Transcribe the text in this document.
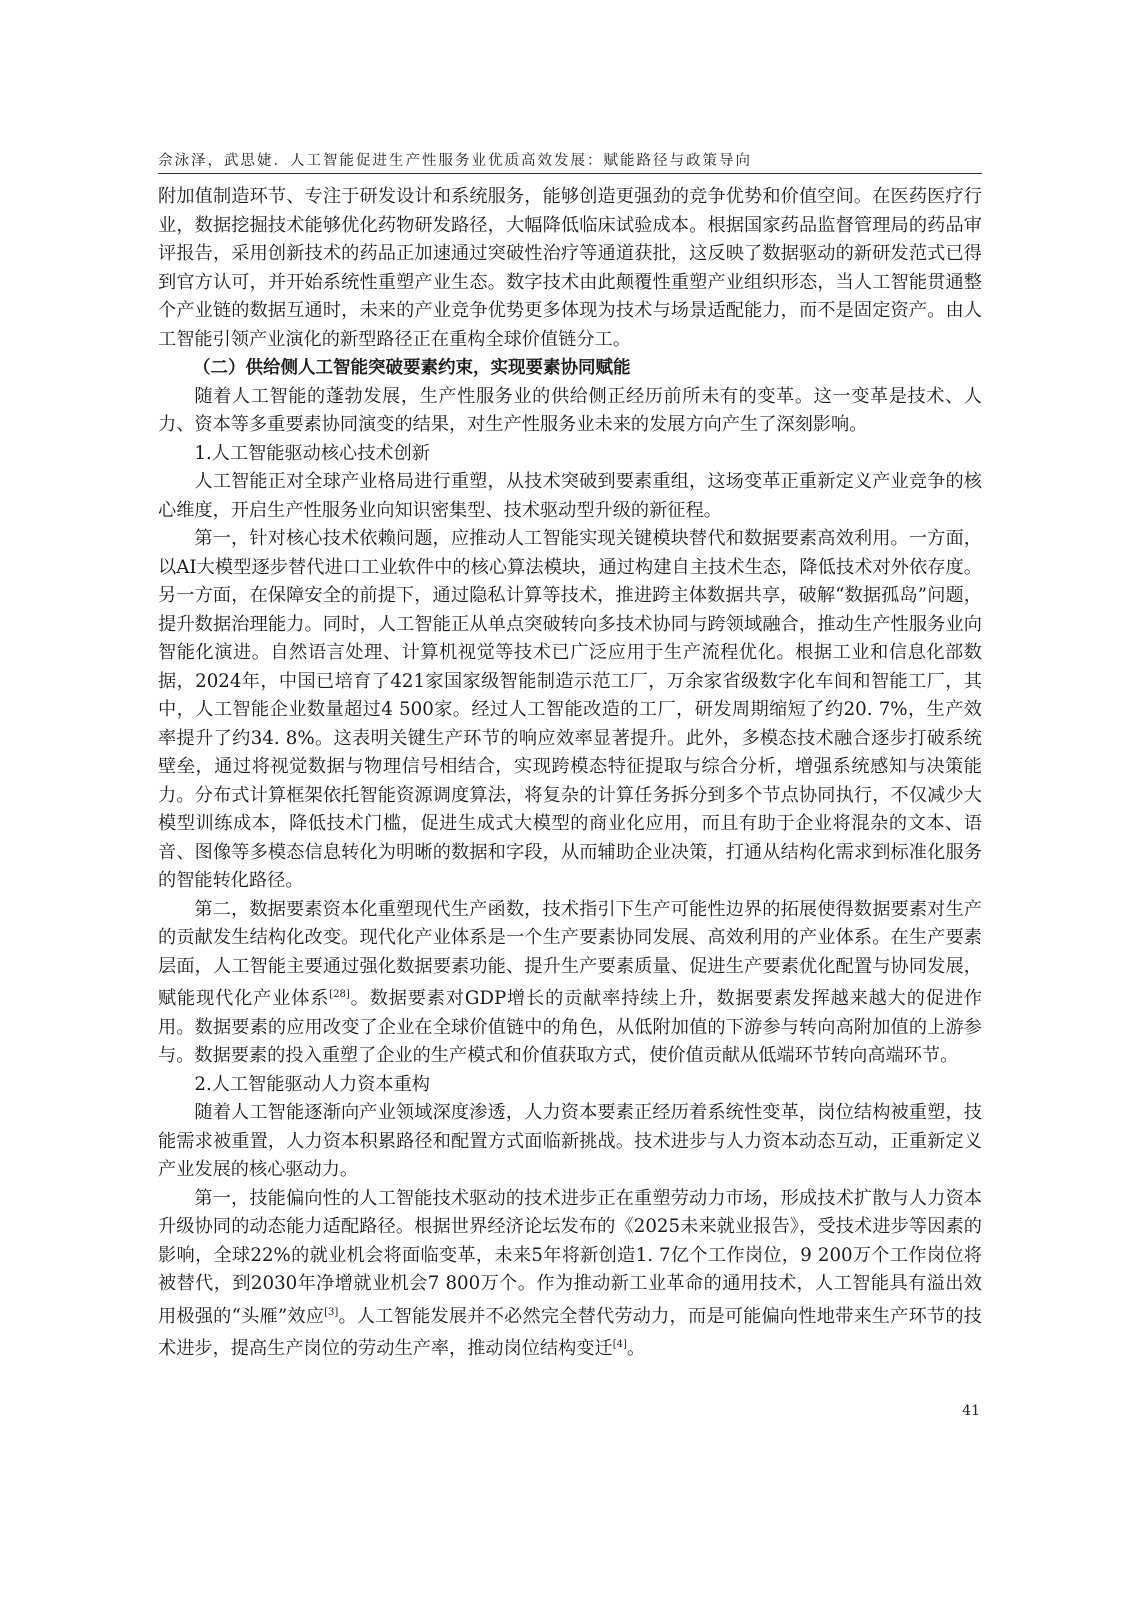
佘泳泽，武思婕．人工智能促进生产性服务业优质高效发展：赋能路径与政策导向

附加值制造环节、专注于研发设计和系统服务，能够创造更强劲的竞争优势和价值空间。在医药医疗行业，数据挖掘技术能够优化药物研发路径，大幅降低临床试验成本。根据国家药品监督管理局的药品审评报告，采用创新技术的药品正加速通过突破性治疗等通道获批，这反映了数据驱动的新研发范式已得到官方认可，并开始系统性重塑产业生态。数字技术由此颠覆性重塑产业组织形态，当人工智能贯通整个产业链的数据互通时，未来的产业竞争优势更多体现为技术与场景适配能力，而不是固定资产。由人工智能引领产业演化的新型路径正在重构全球价值链分工。

（二）供给侧人工智能突破要素约束，实现要素协同赋能

随着人工智能的蓬勃发展，生产性服务业的供给侧正经历前所未有的变革。这一变革是技术、人力、资本等多重要素协同演变的结果，对生产性服务业未来的发展方向产生了深刻影响。

1.人工智能驱动核心技术创新

人工智能正对全球产业格局进行重塑，从技术突破到要素重组，这场变革正重新定义产业竞争的核心维度，开启生产性服务业向知识密集型、技术驱动型升级的新征程。

第一，针对核心技术依赖问题，应推动人工智能实现关键模块替代和数据要素高效利用。一方面，以AI大模型逐步替代进口工业软件中的核心算法模块，通过构建自主技术生态，降低技术对外依存度。另一方面，在保障安全的前提下，通过隐私计算等技术，推进跨主体数据共享，破解“数据孤岛”问题，提升数据治理能力。同时，人工智能正从单点突破转向多技术协同与跨领域融合，推动生产性服务业向智能化演进。自然语言处理、计算机视觉等技术已广泛应用于生产流程优化。根据工业和信息化部数据，2024年，中国已培育了421家国家级智能制造示范工厂，万余家省级数字化车间和智能工厂，其中，人工智能企业数量超过4 500家。经过人工智能改造的工厂，研发周期缩短了约20. 7%，生产效率提升了约34. 8%。这表明关键生产环节的响应效率显著提升。此外，多模态技术融合逐步打破系统壁垒，通过将视觉数据与物理信号相结合，实现跨模态特征提取与综合分析，增强系统感知与决策能力。分布式计算框架依托智能资源调度算法，将复杂的计算任务拆分到多个节点协同执行，不仅减少大模型训练成本，降低技术门槛，促进生成式大模型的商业化应用，而且有助于企业将混杂的文本、语音、图像等多模态信息转化为明晰的数据和字段，从而辅助企业决策，打通从结构化需求到标准化服务的智能转化路径。

第二，数据要素资本化重塑现代生产函数，技术指引下生产可能性边界的拓展使得数据要素对生产的贡献发生结构化改变。现代化产业体系是一个生产要素协同发展、高效利用的产业体系。在生产要素层面，人工智能主要通过强化数据要素功能、提升生产要素质量、促进生产要素优化配置与协同发展，赋能现代化产业体系[28]。数据要素对GDP增长的贡献率持续上升，数据要素发挥越来越大的促进作用。数据要素的应用改变了企业在全球价值链中的角色，从低附加值的下游参与转向高附加值的上游参与。数据要素的投入重塑了企业的生产模式和价值获取方式，使价值贡献从低端环节转向高端环节。

2.人工智能驱动人力资本重构

随着人工智能逐渐向产业领域深度渗透，人力资本要素正经历着系统性变革，岗位结构被重塑，技能需求被重置，人力资本积累路径和配置方式面临新挑战。技术进步与人力资本动态互动，正重新定义产业发展的核心驱动力。

第一，技能偏向性的人工智能技术驱动的技术进步正在重塑劳动力市场，形成技术扩散与人力资本升级协同的动态能力适配路径。根据世界经济论坛发布的《2025未来就业报告》，受技术进步等因素的影响，全球22%的就业机会将面临变革，未来5年将新创造1. 7亿个工作岗位，9 200万个工作岗位将被替代，到2030年净增就业机会7 800万个。作为推动新工业革命的通用技术，人工智能具有溢出效用极强的“头雁”效应[3]。人工智能发展并不必然完全替代劳动力，而是可能偏向性地带来生产环节的技术进步，提高生产岗位的劳动生产率，推动岗位结构变迁[4]。

41
